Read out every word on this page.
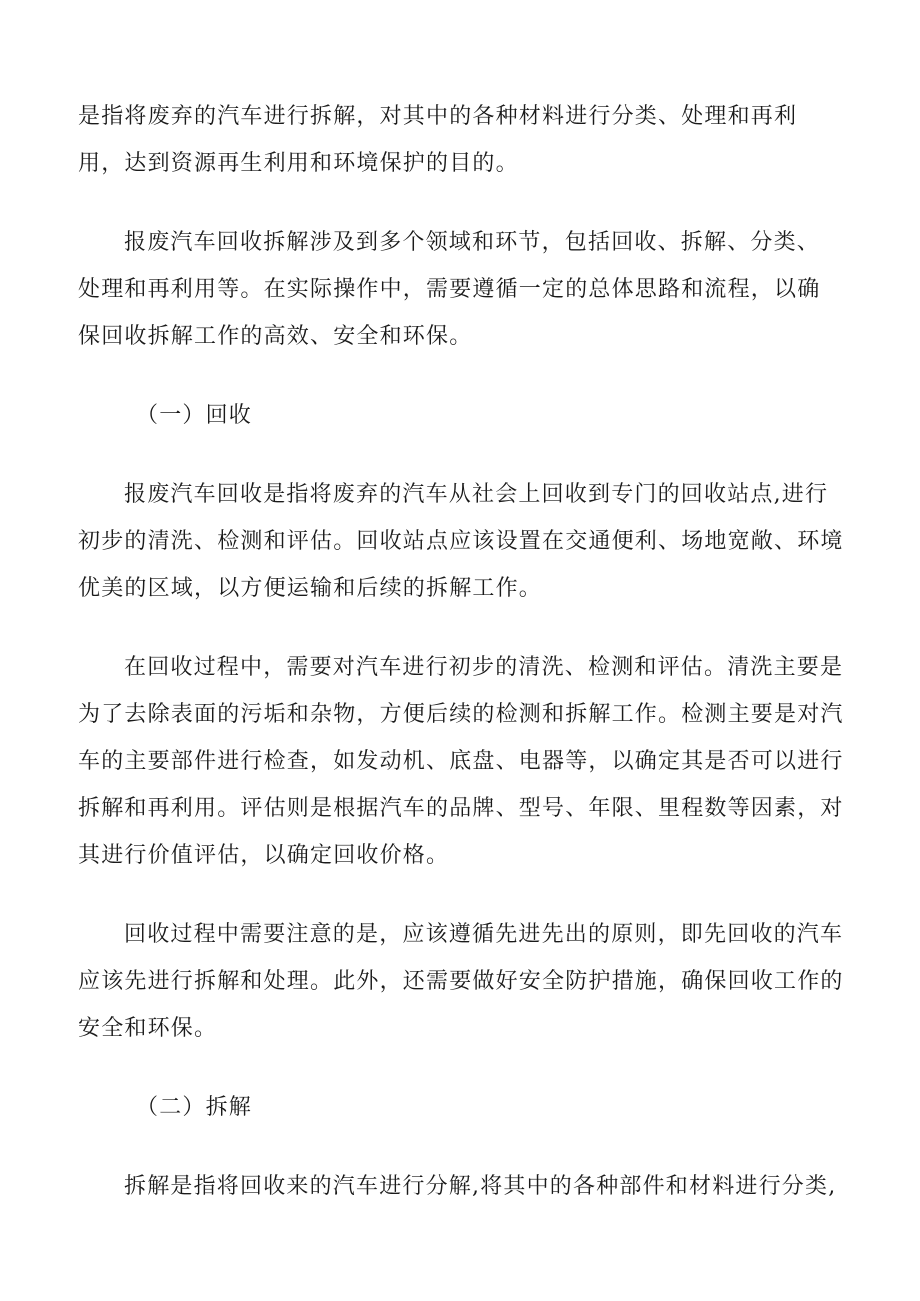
是指将废弃的汽车进行拆解，对其中的各种材料进行分类、处理和再利
用，达到资源再生利用和环境保护的目的。

报废汽车回收拆解涉及到多个领域和环节，包括回收、拆解、分类、
处理和再利用等。在实际操作中，需要遵循一定的总体思路和流程，以确
保回收拆解工作的高效、安全和环保。

（一）回收

报废汽车回收是指将废弃的汽车从社会上回收到专门的回收站点,进行
初步的清洗、检测和评估。回收站点应该设置在交通便利、场地宽敞、环境
优美的区域，以方便运输和后续的拆解工作。

在回收过程中，需要对汽车进行初步的清洗、检测和评估。清洗主要是
为了去除表面的污垢和杂物，方便后续的检测和拆解工作。检测主要是对汽
车的主要部件进行检查，如发动机、底盘、电器等，以确定其是否可以进行
拆解和再利用。评估则是根据汽车的品牌、型号、年限、里程数等因素，对
其进行价值评估，以确定回收价格。

回收过程中需要注意的是，应该遵循先进先出的原则，即先回收的汽车
应该先进行拆解和处理。此外，还需要做好安全防护措施，确保回收工作的
安全和环保。

（二）拆解

拆解是指将回收来的汽车进行分解,将其中的各种部件和材料进行分类,
